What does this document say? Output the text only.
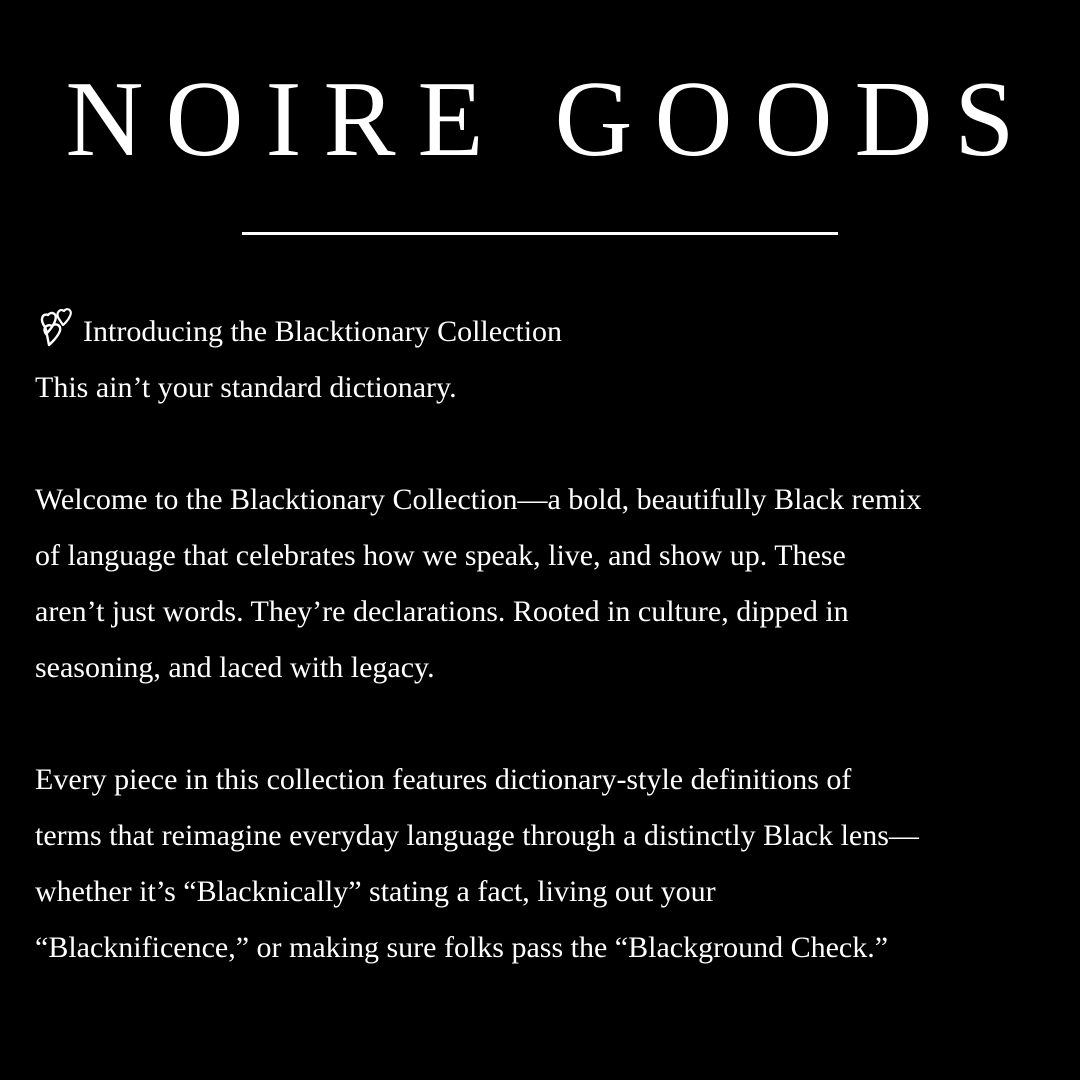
NOIRE GOODS
Introducing the Blacktionary Collection
This ain’t your standard dictionary.
Welcome to the Blacktionary Collection—a bold, beautifully Black remix
of language that celebrates how we speak, live, and show up. These
aren’t just words. They’re declarations. Rooted in culture, dipped in
seasoning, and laced with legacy.
Every piece in this collection features dictionary-style definitions of
terms that reimagine everyday language through a distinctly Black lens—
whether it’s “Blacknically” stating a fact, living out your
“Blacknificence,” or making sure folks pass the “Blackground Check.”
